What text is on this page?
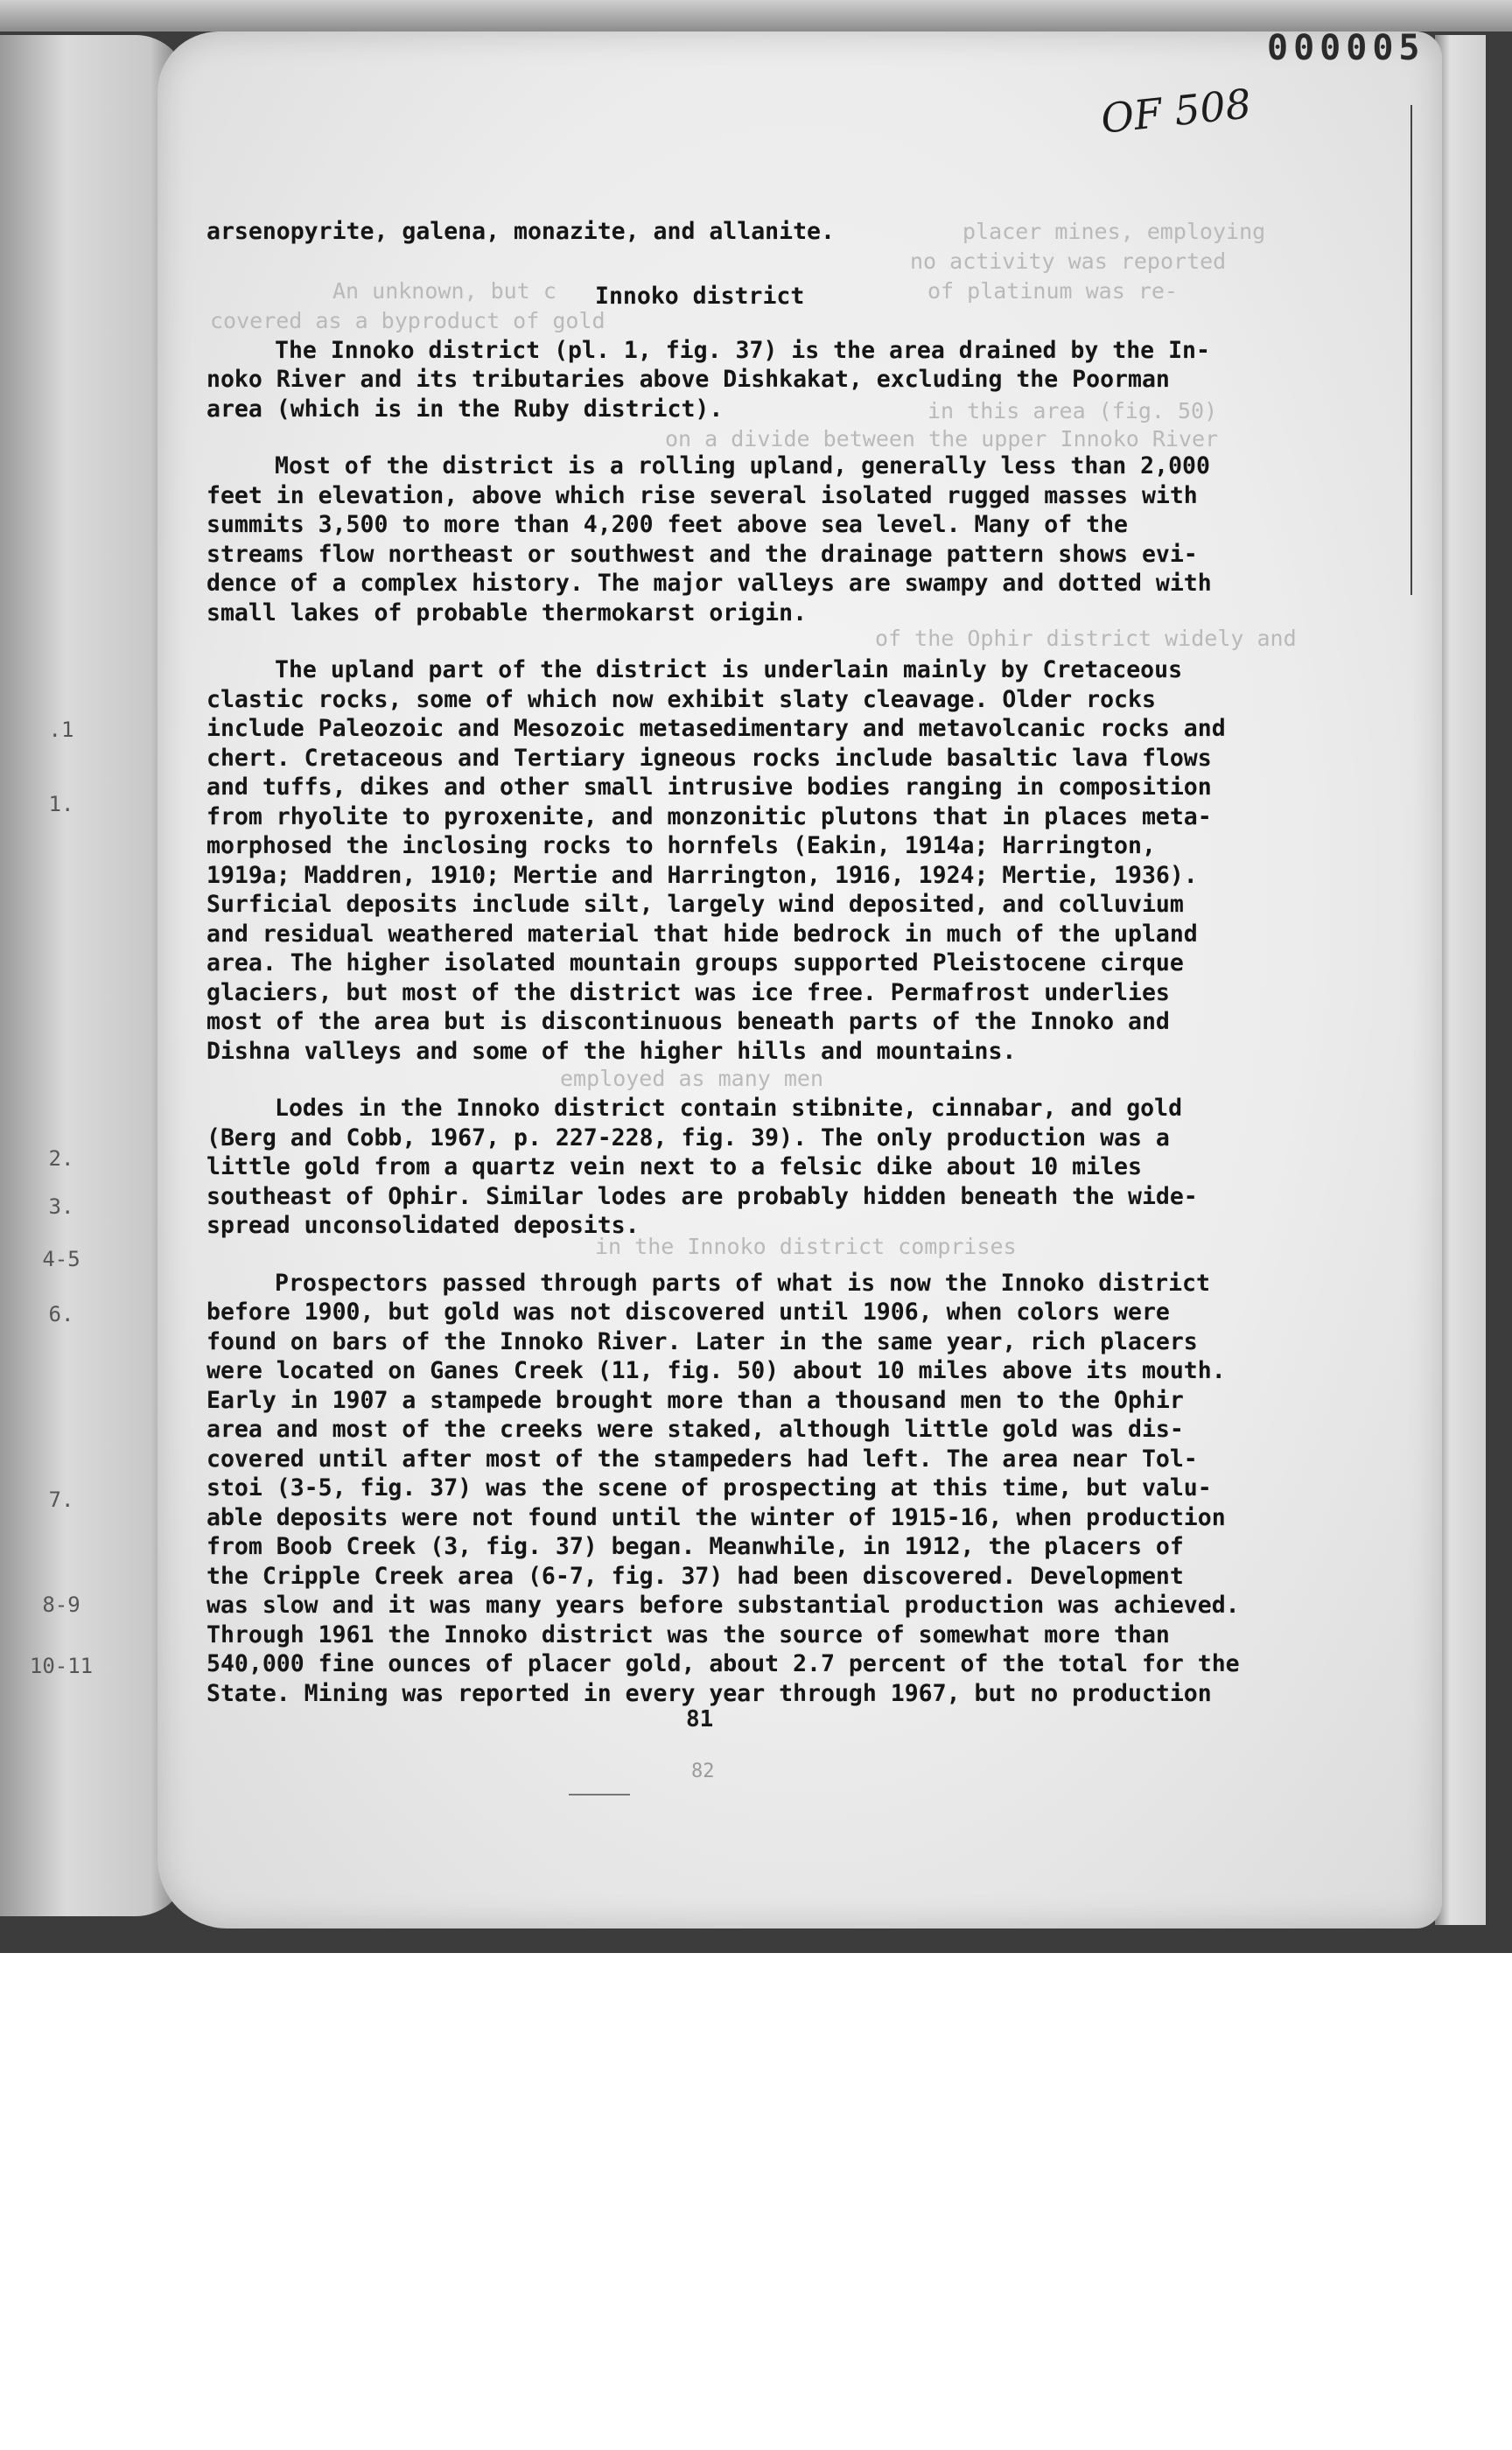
.1
1.
2.
3.
4-5
6.
7.
8-9
10-11
placer mines, employing
no activity was reported
An unknown, but c	of platinum was re-
covered as a byproduct of gold
in this area (fig. 50)
on a divide between the upper Innoko River
of the Ophir district widely and
employed as many men
in the Innoko district comprises
000005
OF 508
Innoko district

arsenopyrite, galena, monazite, and allanite.

The Innoko district (pl. 1, fig. 37) is the area drained by the In-
noko River and its tributaries above Dishkakat, excluding the Poorman
area (which is in the Ruby district).

Most of the district is a rolling upland, generally less than 2,000
feet in elevation, above which rise several isolated rugged masses with
summits 3,500 to more than 4,200 feet above sea level. Many of the
streams flow northeast or southwest and the drainage pattern shows evi-
dence of a complex history. The major valleys are swampy and dotted with
small lakes of probable thermokarst origin.

The upland part of the district is underlain mainly by Cretaceous
clastic rocks, some of which now exhibit slaty cleavage. Older rocks
include Paleozoic and Mesozoic metasedimentary and metavolcanic rocks and
chert. Cretaceous and Tertiary igneous rocks include basaltic lava flows
and tuffs, dikes and other small intrusive bodies ranging in composition
from rhyolite to pyroxenite, and monzonitic plutons that in places meta-
morphosed the inclosing rocks to hornfels (Eakin, 1914a; Harrington,
1919a; Maddren, 1910; Mertie and Harrington, 1916, 1924; Mertie, 1936).
Surficial deposits include silt, largely wind deposited, and colluvium
and residual weathered material that hide bedrock in much of the upland
area. The higher isolated mountain groups supported Pleistocene cirque
glaciers, but most of the district was ice free. Permafrost underlies
most of the area but is discontinuous beneath parts of the Innoko and
Dishna valleys and some of the higher hills and mountains.

Lodes in the Innoko district contain stibnite, cinnabar, and gold
(Berg and Cobb, 1967, p. 227-228, fig. 39). The only production was a
little gold from a quartz vein next to a felsic dike about 10 miles
southeast of Ophir. Similar lodes are probably hidden beneath the wide-
spread unconsolidated deposits.

Prospectors passed through parts of what is now the Innoko district
before 1900, but gold was not discovered until 1906, when colors were
found on bars of the Innoko River. Later in the same year, rich placers
were located on Ganes Creek (11, fig. 50) about 10 miles above its mouth.
Early in 1907 a stampede brought more than a thousand men to the Ophir
area and most of the creeks were staked, although little gold was dis-
covered until after most of the stampeders had left. The area near Tol-
stoi (3-5, fig. 37) was the scene of prospecting at this time, but valu-
able deposits were not found until the winter of 1915-16, when production
from Boob Creek (3, fig. 37) began. Meanwhile, in 1912, the placers of
the Cripple Creek area (6-7, fig. 37) had been discovered. Development
was slow and it was many years before substantial production was achieved.
Through 1961 the Innoko district was the source of somewhat more than
540,000 fine ounces of placer gold, about 2.7 percent of the total for the
State. Mining was reported in every year through 1967, but no production

81
82
